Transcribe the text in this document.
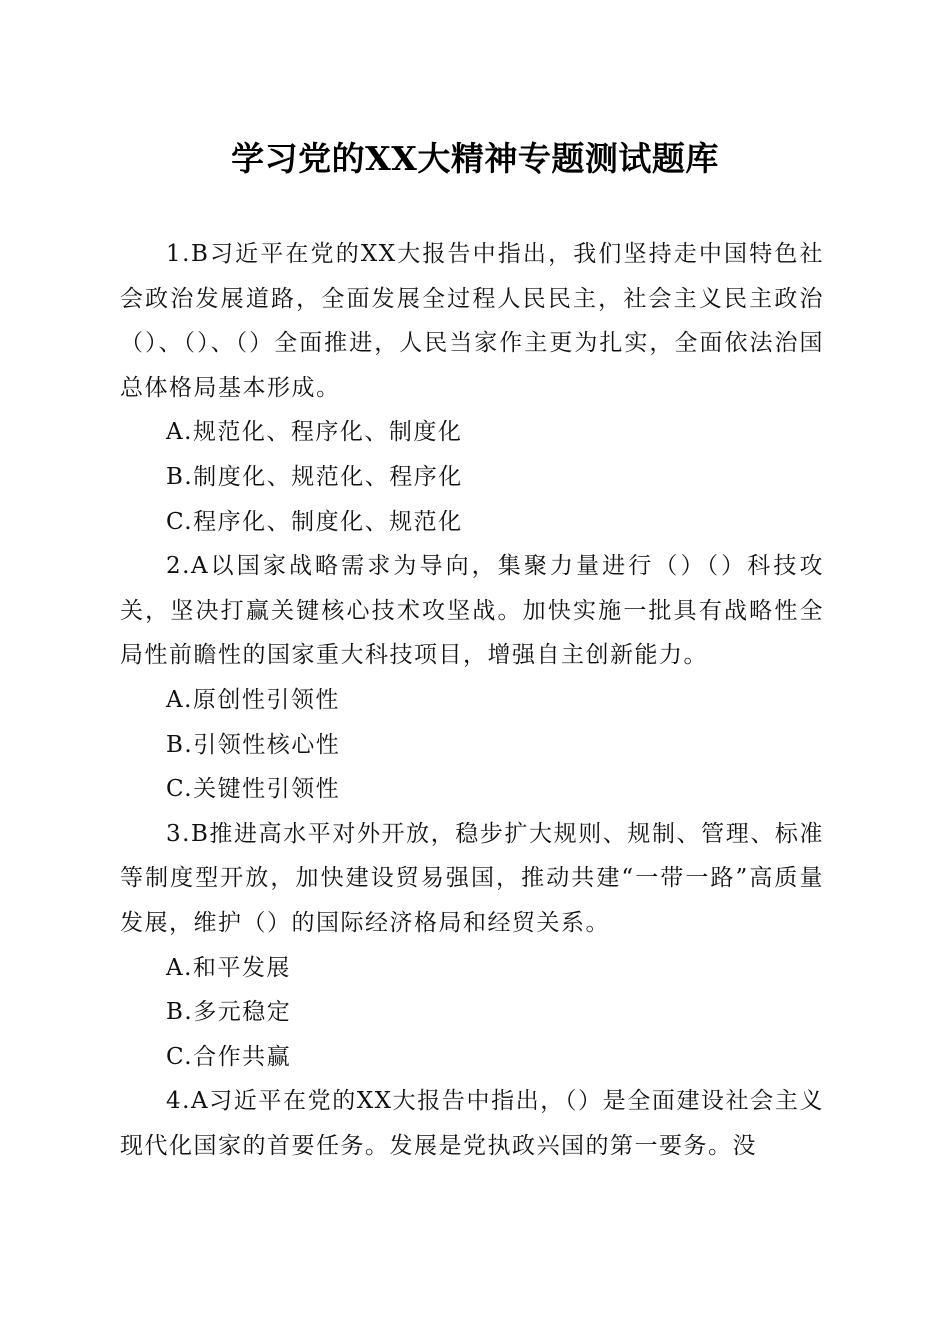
学习党的XX大精神专题测试题库

1.B习近平在党的XX大报告中指出，我们坚持走中国特色社会政治发展道路，全面发展全过程人民民主，社会主义民主政治（）、（）、（）全面推进，人民当家作主更为扎实，全面依法治国总体格局基本形成。

A.规范化、程序化、制度化

B.制度化、规范化、程序化

C.程序化、制度化、规范化

2.A以国家战略需求为导向，集聚力量进行（）（）科技攻关，坚决打赢关键核心技术攻坚战。加快实施一批具有战略性全局性前瞻性的国家重大科技项目，增强自主创新能力。

A.原创性引领性

B.引领性核心性

C.关键性引领性

3.B推进高水平对外开放，稳步扩大规则、规制、管理、标准等制度型开放，加快建设贸易强国，推动共建“一带一路”高质量发展，维护（）的国际经济格局和经贸关系。

A.和平发展

B.多元稳定

C.合作共赢

4.A习近平在党的XX大报告中指出，（）是全面建设社会主义现代化国家的首要任务。发展是党执政兴国的第一要务。没
